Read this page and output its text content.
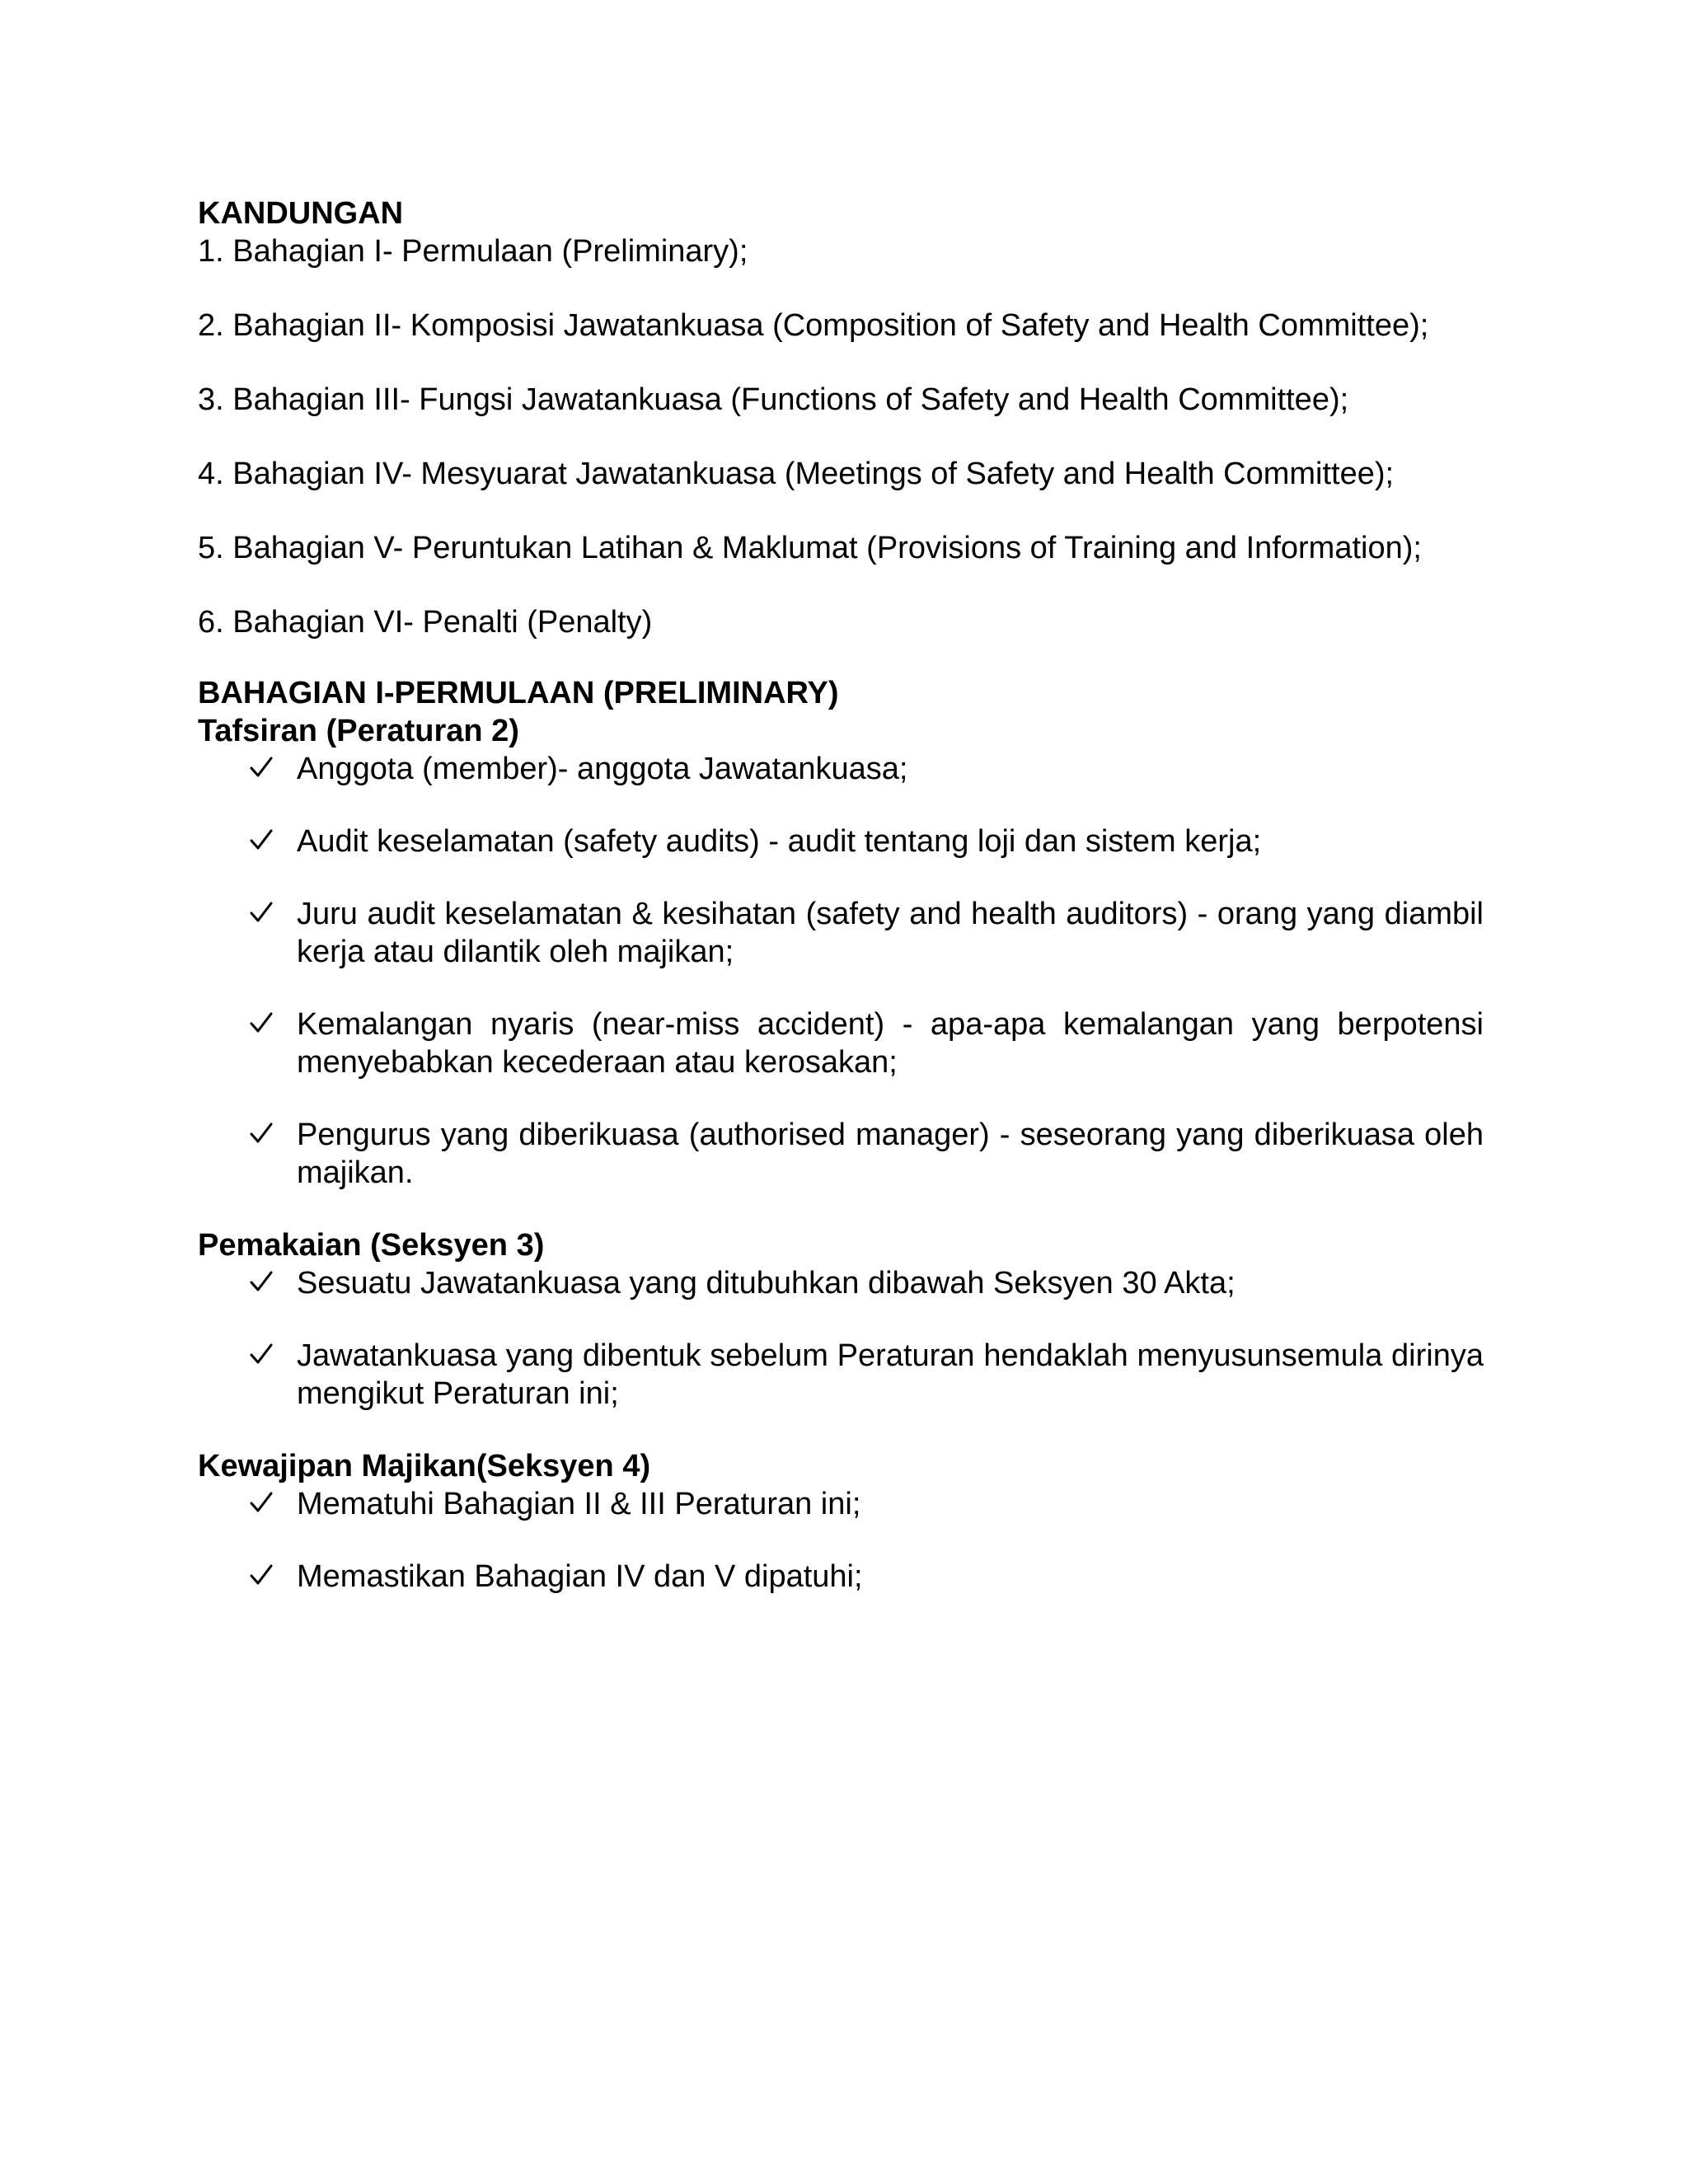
KANDUNGAN

1. Bahagian I- Permulaan (Preliminary);

2. Bahagian II- Komposisi Jawatankuasa (Composition of Safety and Health Committee);

3. Bahagian III- Fungsi Jawatankuasa (Functions of Safety and Health Committee);

4. Bahagian IV- Mesyuarat Jawatankuasa (Meetings of Safety and Health Committee);

5. Bahagian V- Peruntukan Latihan & Maklumat (Provisions of Training and Information);

6. Bahagian VI- Penalti (Penalty)

BAHAGIAN I-PERMULAAN (PRELIMINARY)

Tafsiran (Peraturan 2)

Anggota (member)- anggota Jawatankuasa;
Audit keselamatan (safety audits) - audit tentang loji dan sistem kerja;
Juru audit keselamatan & kesihatan (safety and health auditors) - orang yang diambil kerja atau dilantik oleh majikan;
Kemalangan nyaris (near-miss accident) - apa-apa kemalangan yang berpotensi menyebabkan kecederaan atau kerosakan;
Pengurus yang diberikuasa (authorised manager) - seseorang yang diberikuasa oleh majikan.

Pemakaian (Seksyen 3)

Sesuatu Jawatankuasa yang ditubuhkan dibawah Seksyen 30 Akta;
Jawatankuasa yang dibentuk sebelum Peraturan hendaklah menyusunsemula dirinya mengikut Peraturan ini;

Kewajipan Majikan(Seksyen 4)

Mematuhi Bahagian II & III Peraturan ini;
Memastikan Bahagian IV dan V dipatuhi;
